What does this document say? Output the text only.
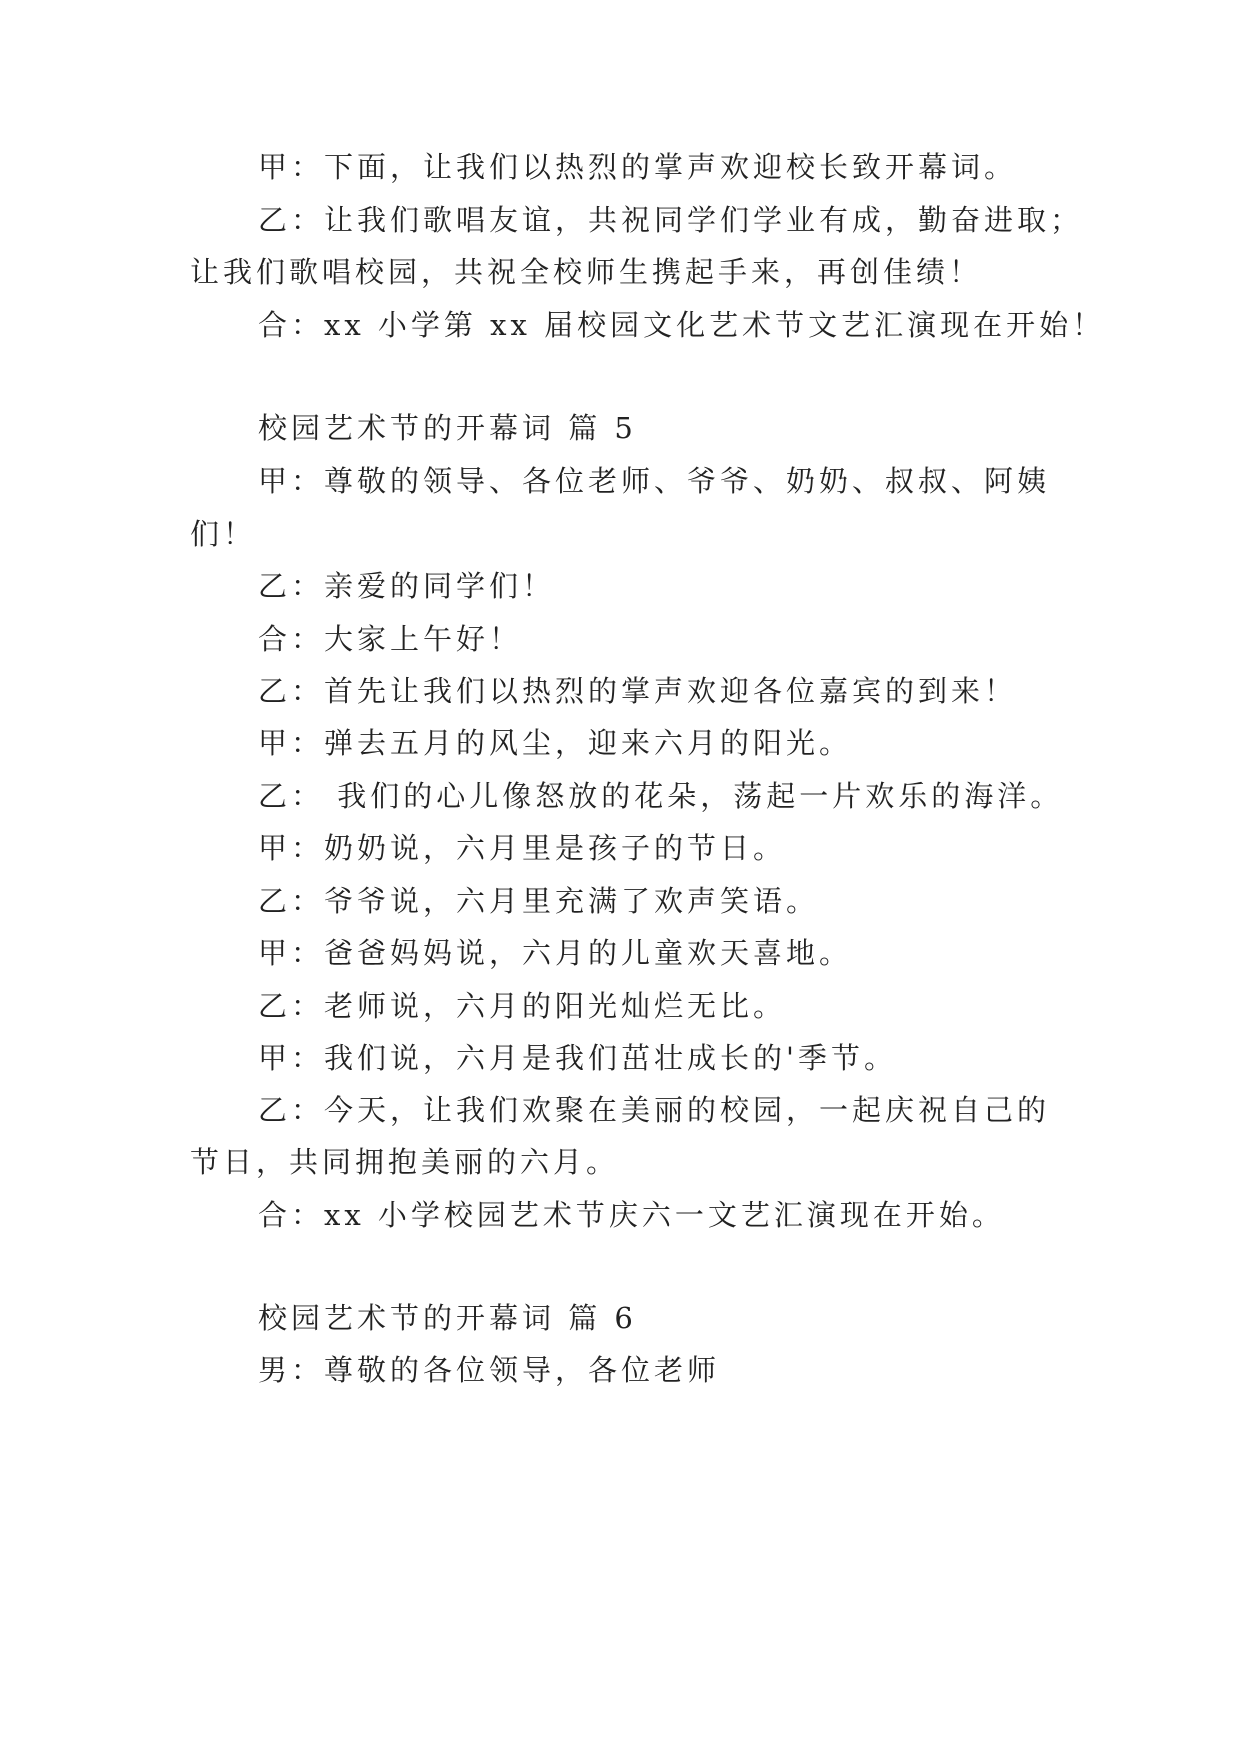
甲：下面，让我们以热烈的掌声欢迎校长致开幕词。
乙：让我们歌唱友谊，共祝同学们学业有成，勤奋进取；
让我们歌唱校园，共祝全校师生携起手来，再创佳绩！
合：xx 小学第 xx 届校园文化艺术节文艺汇演现在开始！
校园艺术节的开幕词 篇 5
甲：尊敬的领导、各位老师、爷爷、奶奶、叔叔、阿姨
们！
乙：亲爱的同学们！
合：大家上午好！
乙：首先让我们以热烈的掌声欢迎各位嘉宾的到来！
甲：弹去五月的风尘，迎来六月的阳光。
乙： 我们的心儿像怒放的花朵，荡起一片欢乐的海洋。
甲：奶奶说，六月里是孩子的节日。
乙：爷爷说，六月里充满了欢声笑语。
甲：爸爸妈妈说，六月的儿童欢天喜地。
乙：老师说，六月的阳光灿烂无比。
甲：我们说，六月是我们茁壮成长的'季节。
乙：今天，让我们欢聚在美丽的校园，一起庆祝自己的
节日，共同拥抱美丽的六月。
合：xx 小学校园艺术节庆六一文艺汇演现在开始。
校园艺术节的开幕词 篇 6
男：尊敬的各位领导，各位老师
